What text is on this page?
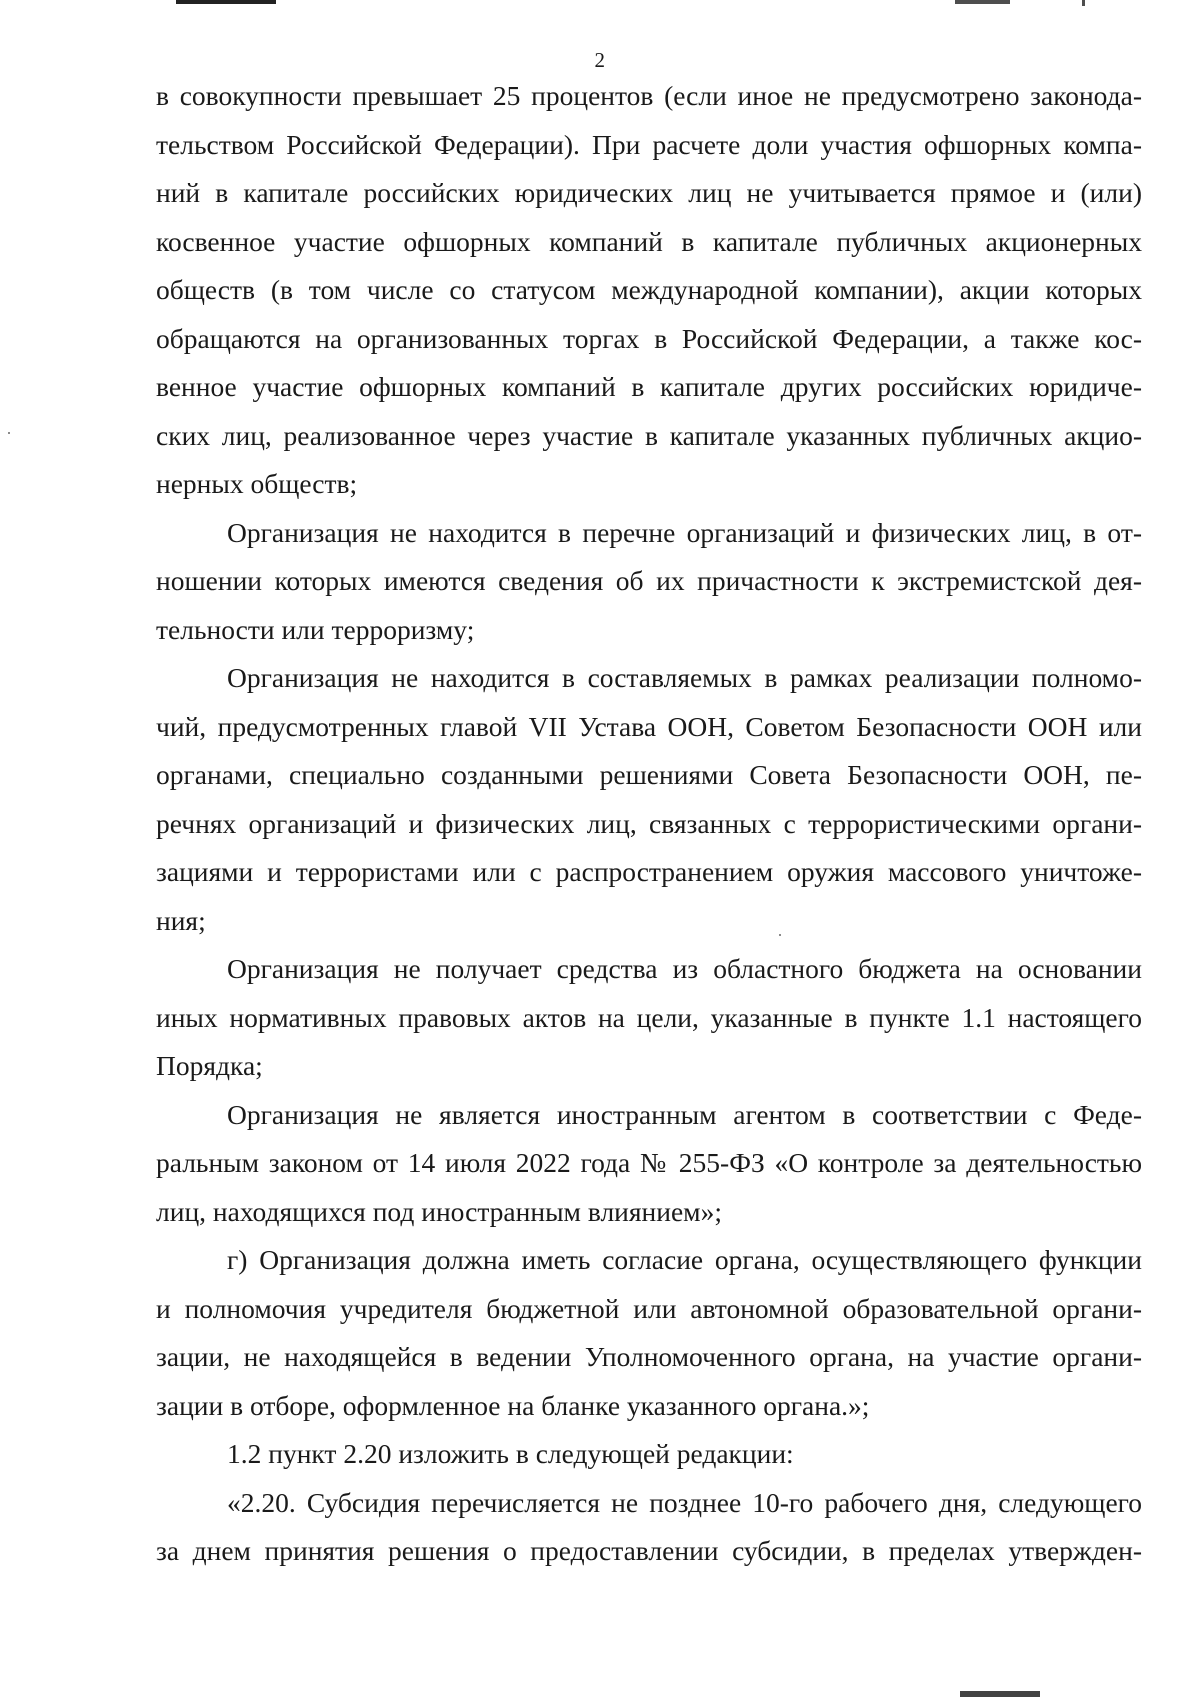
2
в совокупности превышает 25 процентов (если иное не предусмотрено законода-
тельством Российской Федерации). При расчете доли участия офшорных компа-
ний в капитале российских юридических лиц не учитывается прямое и (или)
косвенное участие офшорных компаний в капитале публичных акционерных
обществ (в том числе со статусом международной компании), акции которых
обращаются на организованных торгах в Российской Федерации, а также кос-
венное участие офшорных компаний в капитале других российских юридиче-
ских лиц, реализованное через участие в капитале указанных публичных акцио-
нерных обществ;
Организация не находится в перечне организаций и физических лиц, в от-
ношении которых имеются сведения об их причастности к экстремистской дея-
тельности или терроризму;
Организация не находится в составляемых в рамках реализации полномо-
чий, предусмотренных главой VII Устава ООН, Советом Безопасности ООН или
органами, специально созданными решениями Совета Безопасности ООН, пе-
речнях организаций и физических лиц, связанных с террористическими органи-
зациями и террористами или с распространением оружия массового уничтоже-
ния;
Организация не получает средства из областного бюджета на основании
иных нормативных правовых актов на цели, указанные в пункте 1.1 настоящего
Порядка;
Организация не является иностранным агентом в соответствии с Феде-
ральным законом от 14 июля 2022 года № 255-ФЗ «О контроле за деятельностью
лиц, находящихся под иностранным влиянием»;
г) Организация должна иметь согласие органа, осуществляющего функции
и полномочия учредителя бюджетной или автономной образовательной органи-
зации, не находящейся в ведении Уполномоченного органа, на участие органи-
зации в отборе, оформленное на бланке указанного органа.»;
1.2 пункт 2.20 изложить в следующей редакции:
«2.20. Субсидия перечисляется не позднее 10-го рабочего дня, следующего
за днем принятия решения о предоставлении субсидии, в пределах утвержден-
